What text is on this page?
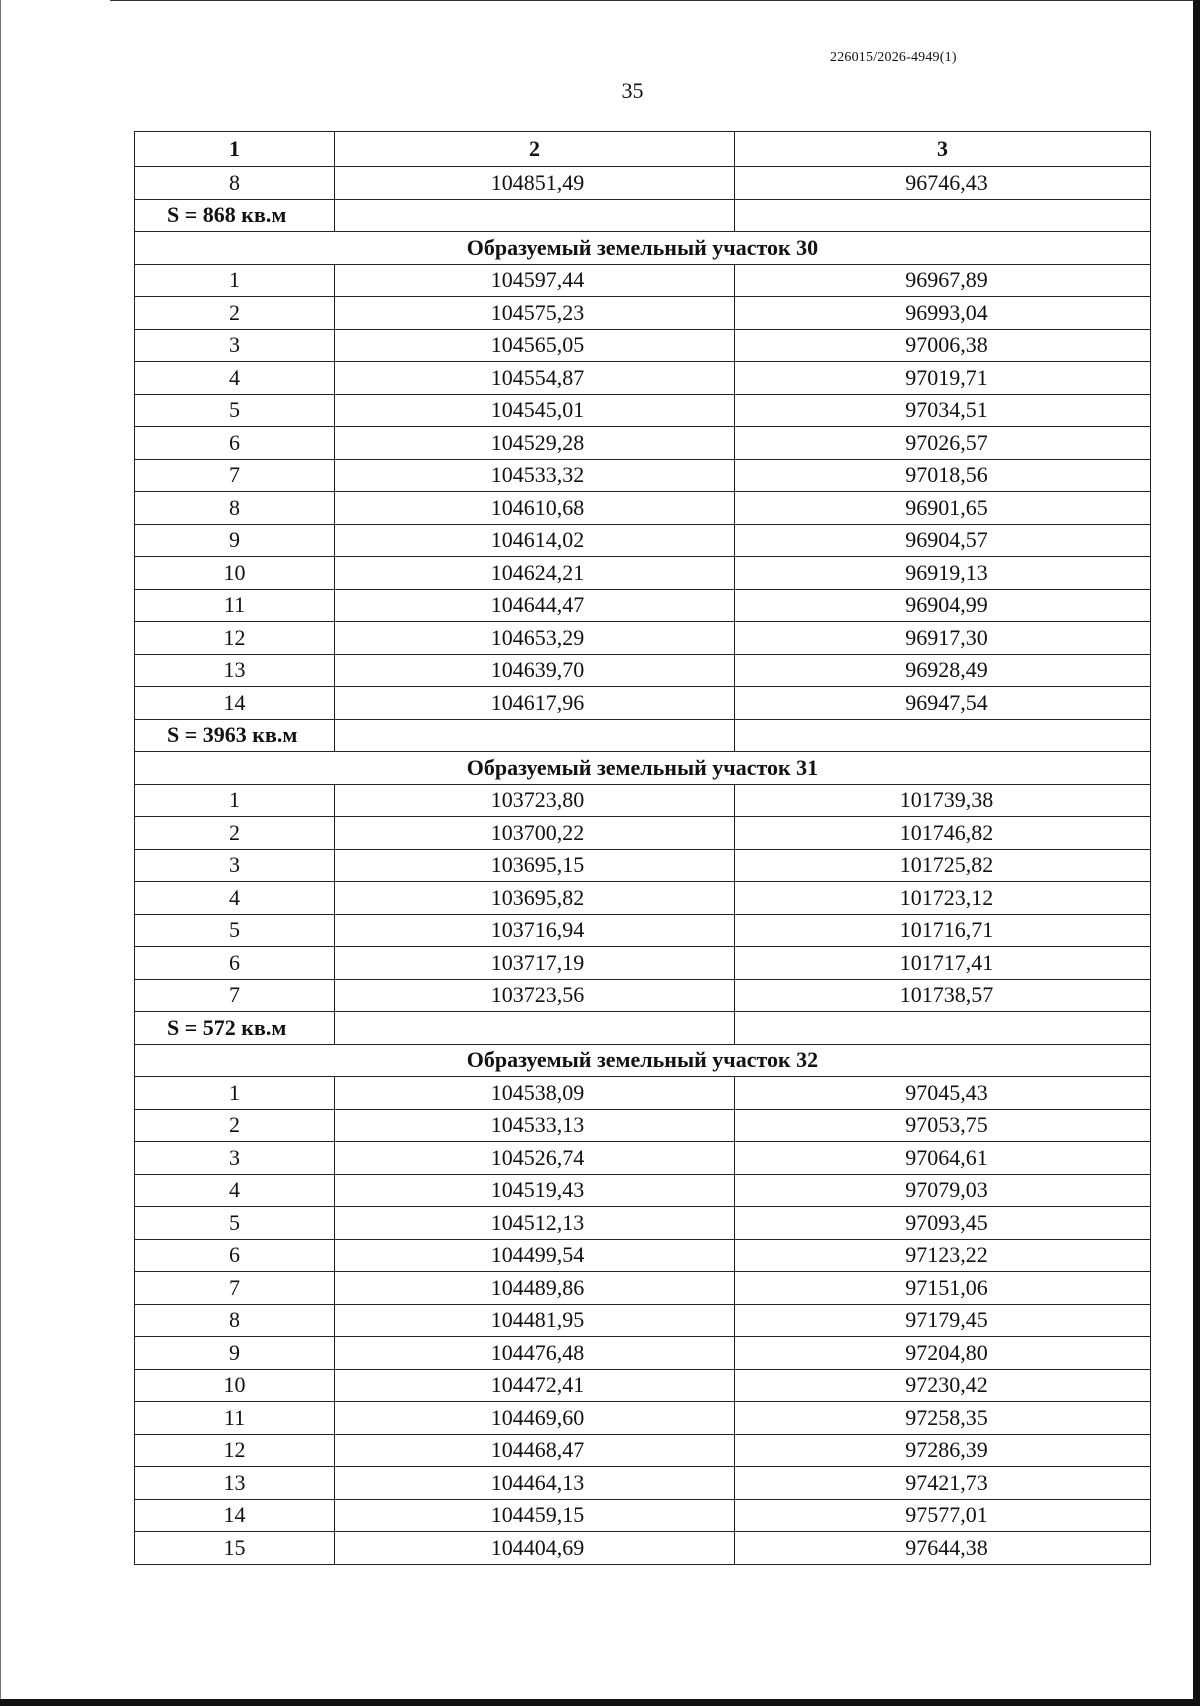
226015/2026-4949(1)
35
1	2	3
8	104851,49	96746,43
S = 868 кв.м		
Образуемый земельный участок 30		
1	104597,44	96967,89
2	104575,23	96993,04
3	104565,05	97006,38
4	104554,87	97019,71
5	104545,01	97034,51
6	104529,28	97026,57
7	104533,32	97018,56
8	104610,68	96901,65
9	104614,02	96904,57
10	104624,21	96919,13
11	104644,47	96904,99
12	104653,29	96917,30
13	104639,70	96928,49
14	104617,96	96947,54
S = 3963 кв.м		
Образуемый земельный участок 31		
1	103723,80	101739,38
2	103700,22	101746,82
3	103695,15	101725,82
4	103695,82	101723,12
5	103716,94	101716,71
6	103717,19	101717,41
7	103723,56	101738,57
S = 572 кв.м		
Образуемый земельный участок 32		
1	104538,09	97045,43
2	104533,13	97053,75
3	104526,74	97064,61
4	104519,43	97079,03
5	104512,13	97093,45
6	104499,54	97123,22
7	104489,86	97151,06
8	104481,95	97179,45
9	104476,48	97204,80
10	104472,41	97230,42
11	104469,60	97258,35
12	104468,47	97286,39
13	104464,13	97421,73
14	104459,15	97577,01
15	104404,69	97644,38
